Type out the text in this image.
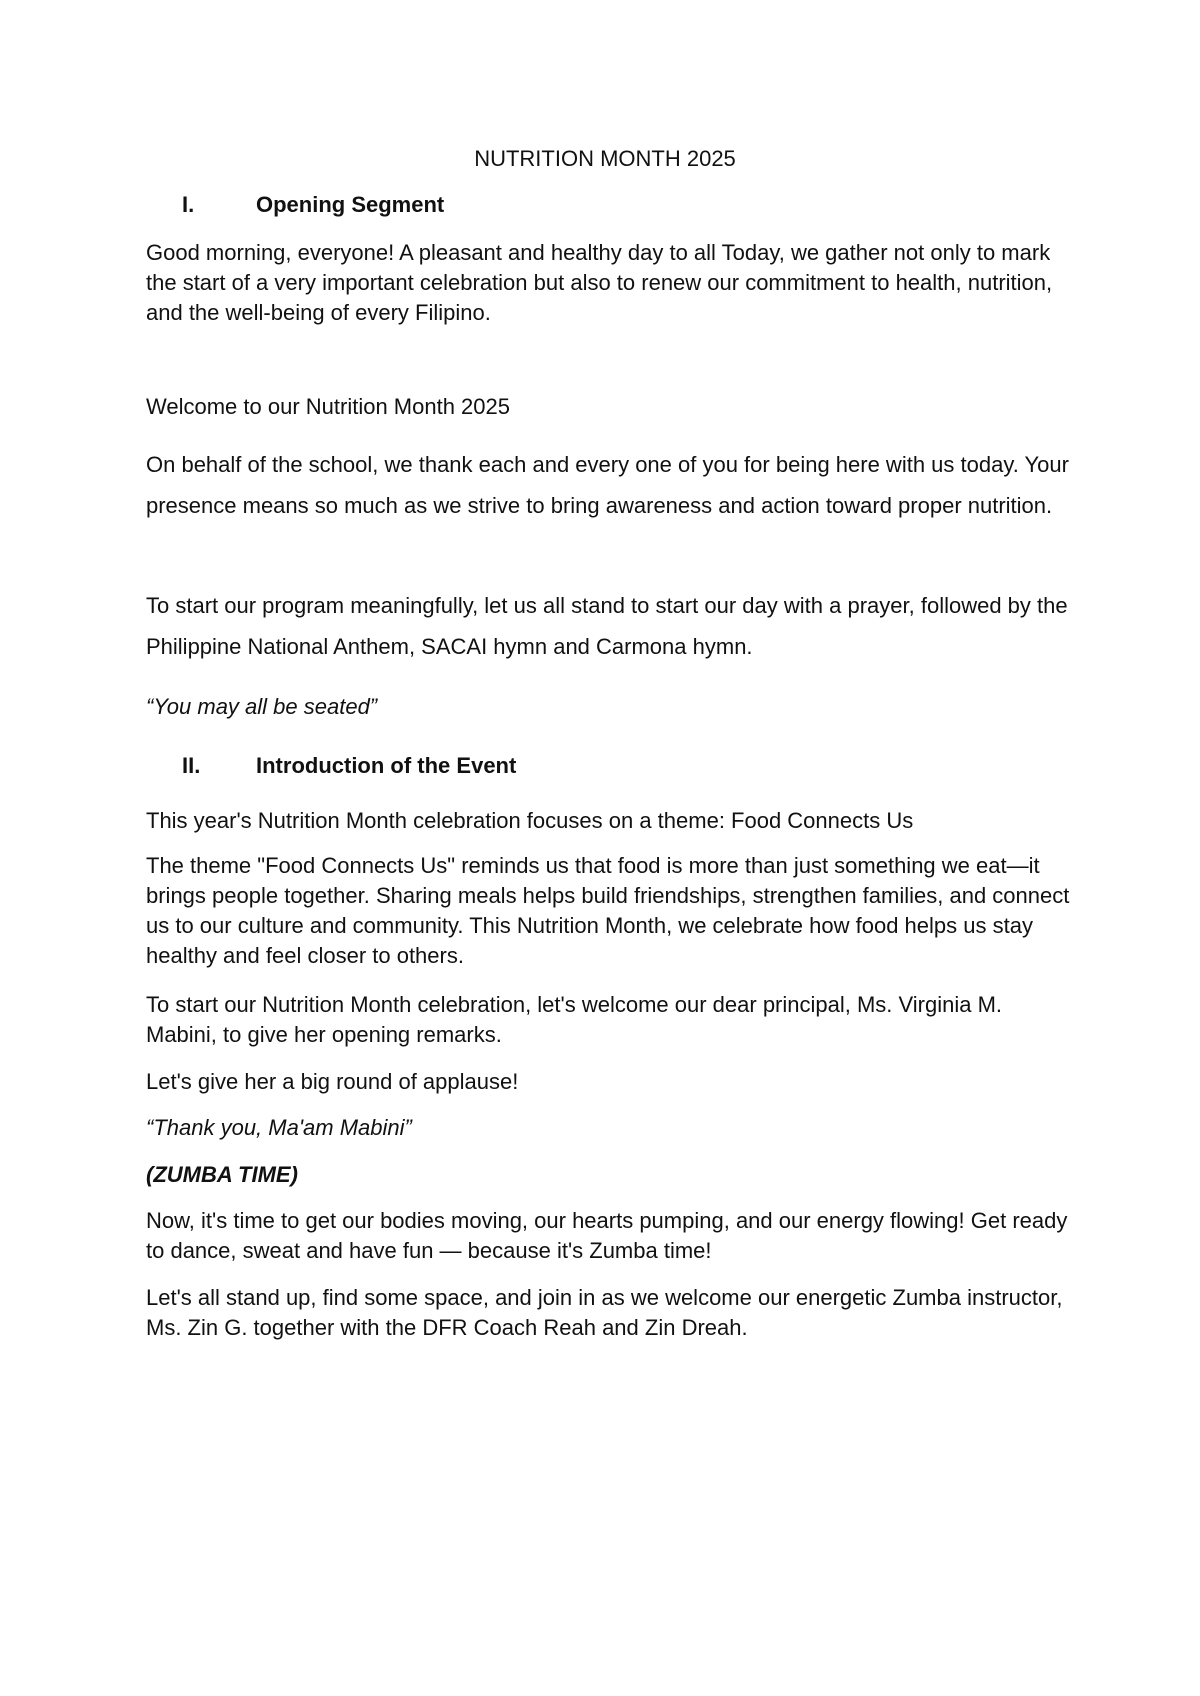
NUTRITION MONTH 2025
I.	Opening Segment

Good morning, everyone! A pleasant and healthy day to all Today, we gather not only to mark the start of a very important celebration but also to renew our commitment to health, nutrition, and the well-being of every Filipino.

Welcome to our Nutrition Month 2025

On behalf of the school, we thank each and every one of you for being here with us today. Your presence means so much as we strive to bring awareness and action toward proper nutrition.

To start our program meaningfully, let us all stand to start our day with a prayer, followed by the Philippine National Anthem, SACAI hymn and Carmona hymn.

“You may all be seated”

II.	Introduction of the Event

This year's Nutrition Month celebration focuses on a theme: Food Connects Us

The theme "Food Connects Us" reminds us that food is more than just something we eat—it brings people together. Sharing meals helps build friendships, strengthen families, and connect us to our culture and community. This Nutrition Month, we celebrate how food helps us stay healthy and feel closer to others.

To start our Nutrition Month celebration, let's welcome our dear principal, Ms. Virginia M. Mabini, to give her opening remarks.

Let's give her a big round of applause!

“Thank you, Ma'am Mabini”

(ZUMBA TIME)

Now, it's time to get our bodies moving, our hearts pumping, and our energy flowing! Get ready to dance, sweat and have fun — because it's Zumba time!

Let's all stand up, find some space, and join in as we welcome our energetic Zumba instructor, Ms. Zin G. together with the DFR Coach Reah and Zin Dreah.
